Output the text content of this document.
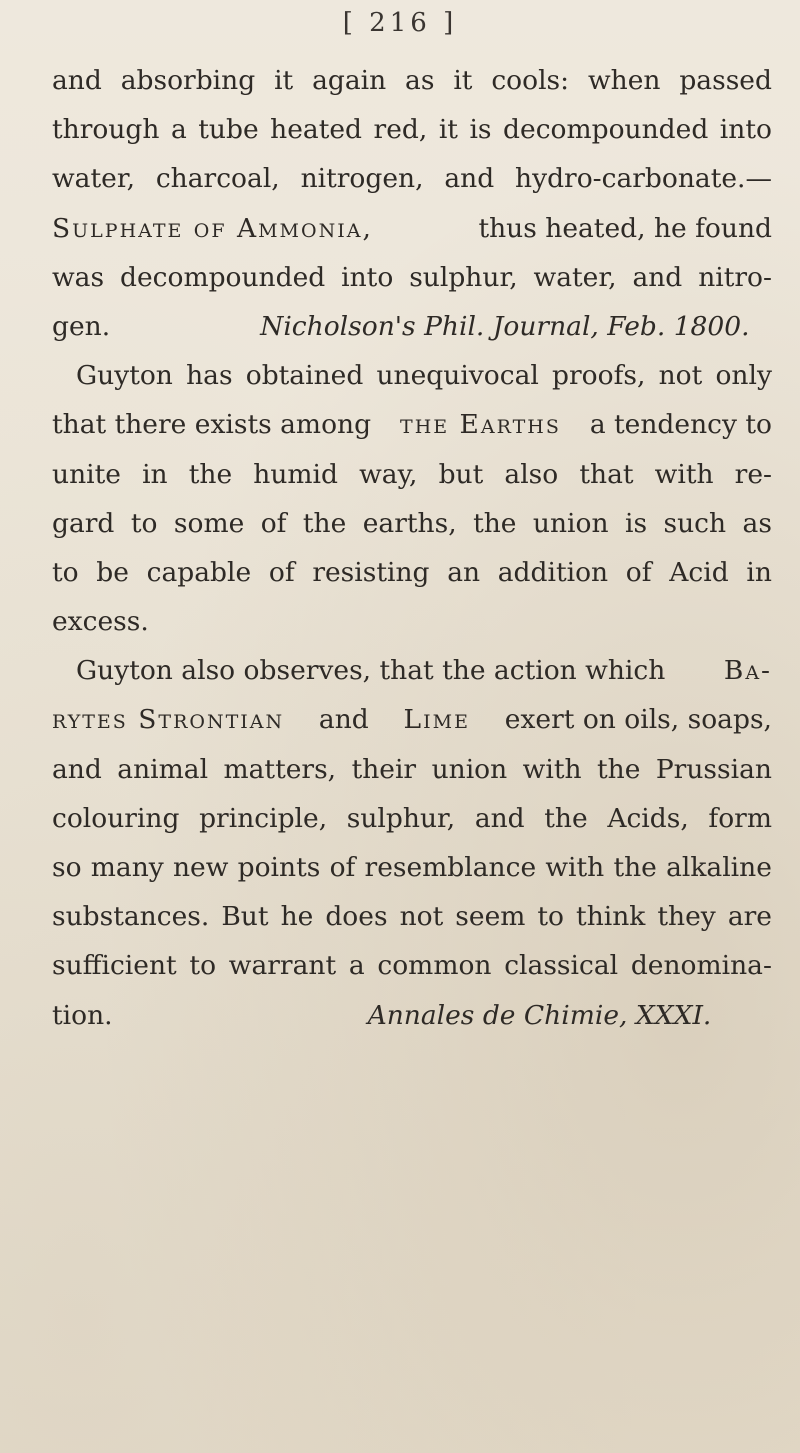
[ 216 ]
and absorbing it again as it cools: when passed
through a tube heated red, it is decompounded into
water, charcoal, nitrogen, and hydro-carbonate.—
Sulphate of Ammonia,	thus heated, he found
was decompounded into sulphur, water, and nitro-
gen.	Nicholson's Phil. Journal, Feb. 1800.
Guyton has obtained unequivocal proofs, not only
that there exists among the Earths a tendency to
unite in the humid way, but also that with re-
gard to some of the earths, the union is such as
to be capable of resisting an addition of Acid in
excess.
Guyton also observes, that the action which Ba-
rytes Strontian and Lime exert on oils, soaps,
and animal matters, their union with the Prussian
colouring principle, sulphur, and the Acids, form
so many new points of resemblance with the alkaline
substances. But he does not seem to think they are
sufficient to warrant a common classical denomina-
tion.	Annales de Chimie, XXXI.
